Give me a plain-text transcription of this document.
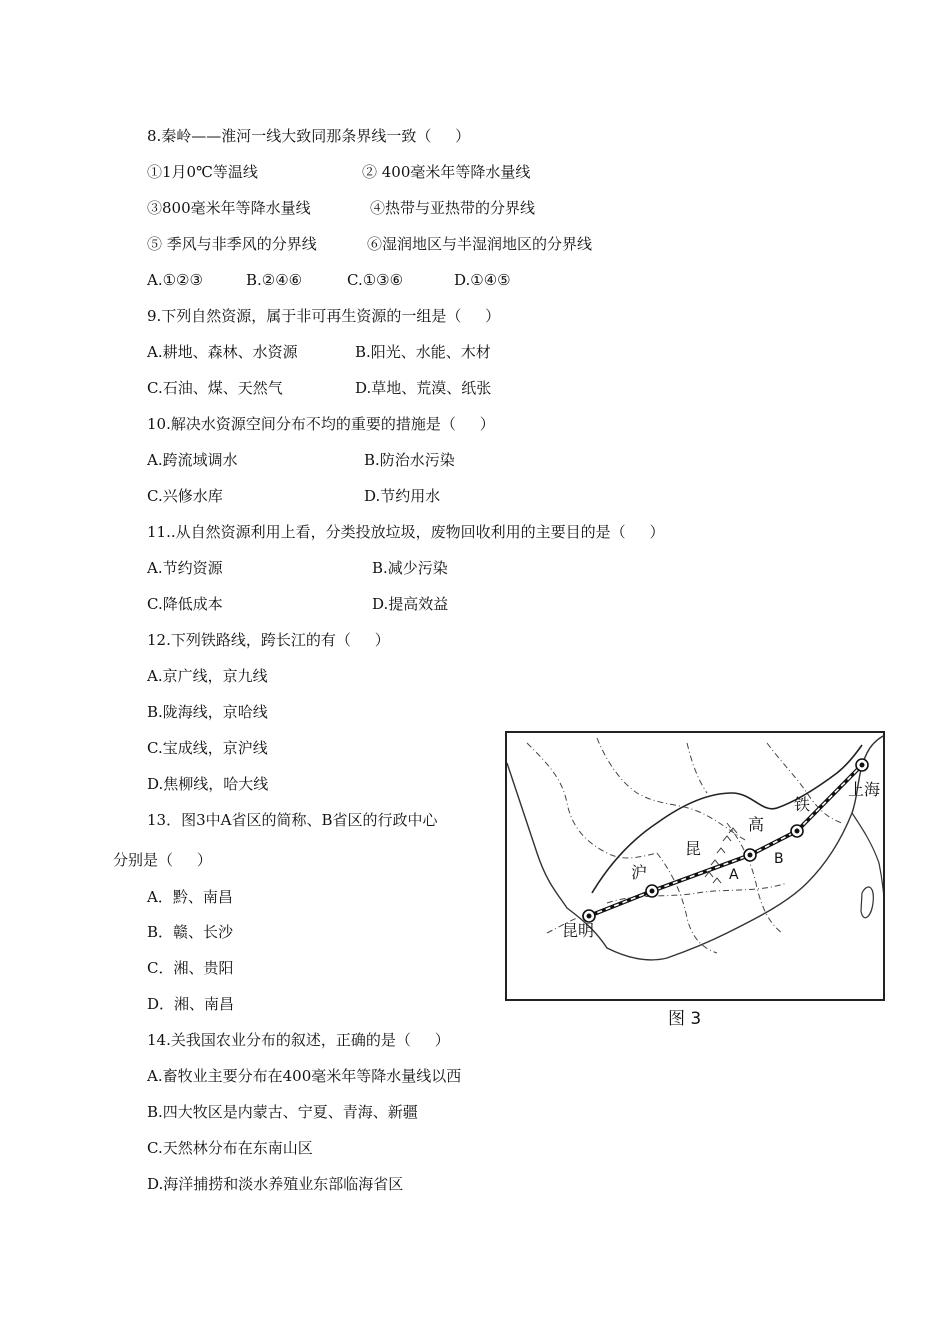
8.秦岭——淮河一线大致同那条界线一致（     ）
①1月0℃等温线	② 400毫米年等降水量线
③800毫米年等降水量线	④热带与亚热带的分界线
⑤ 季风与非季风的分界线	⑥湿润地区与半湿润地区的分界线
A.①②③	B.②④⑥	C.①③⑥	D.①④⑤
9.下列自然资源，属于非可再生资源的一组是（     ）
A.耕地、森林、水资源	B.阳光、水能、木材
C.石油、煤、天然气	D.草地、荒漠、纸张
10.解决水资源空间分布不均的重要的措施是（     ）
A.跨流域调水	B.防治水污染
C.兴修水库	D.节约用水
11..从自然资源利用上看，分类投放垃圾，废物回收利用的主要目的是（     ）
A.节约资源	B.减少污染
C.降低成本	D.提高效益
12.下列铁路线，跨长江的有（     ）
A.京广线，京九线
B.陇海线，京哈线
C.宝成线，京沪线
D.焦柳线，哈大线
13．图3中A省区的简称、B省区的行政中心
分别是（     ）
A．黔、南昌
B．赣、长沙
C．湘、贵阳
D．湘、南昌
上海
昆明
沪
昆
高
铁
A
B
图 3
14.关我国农业分布的叙述，正确的是（     ）
A.畜牧业主要分布在400毫米年等降水量线以西
B.四大牧区是内蒙古、宁夏、青海、新疆
C.天然林分布在东南山区
D.海洋捕捞和淡水养殖业东部临海省区
